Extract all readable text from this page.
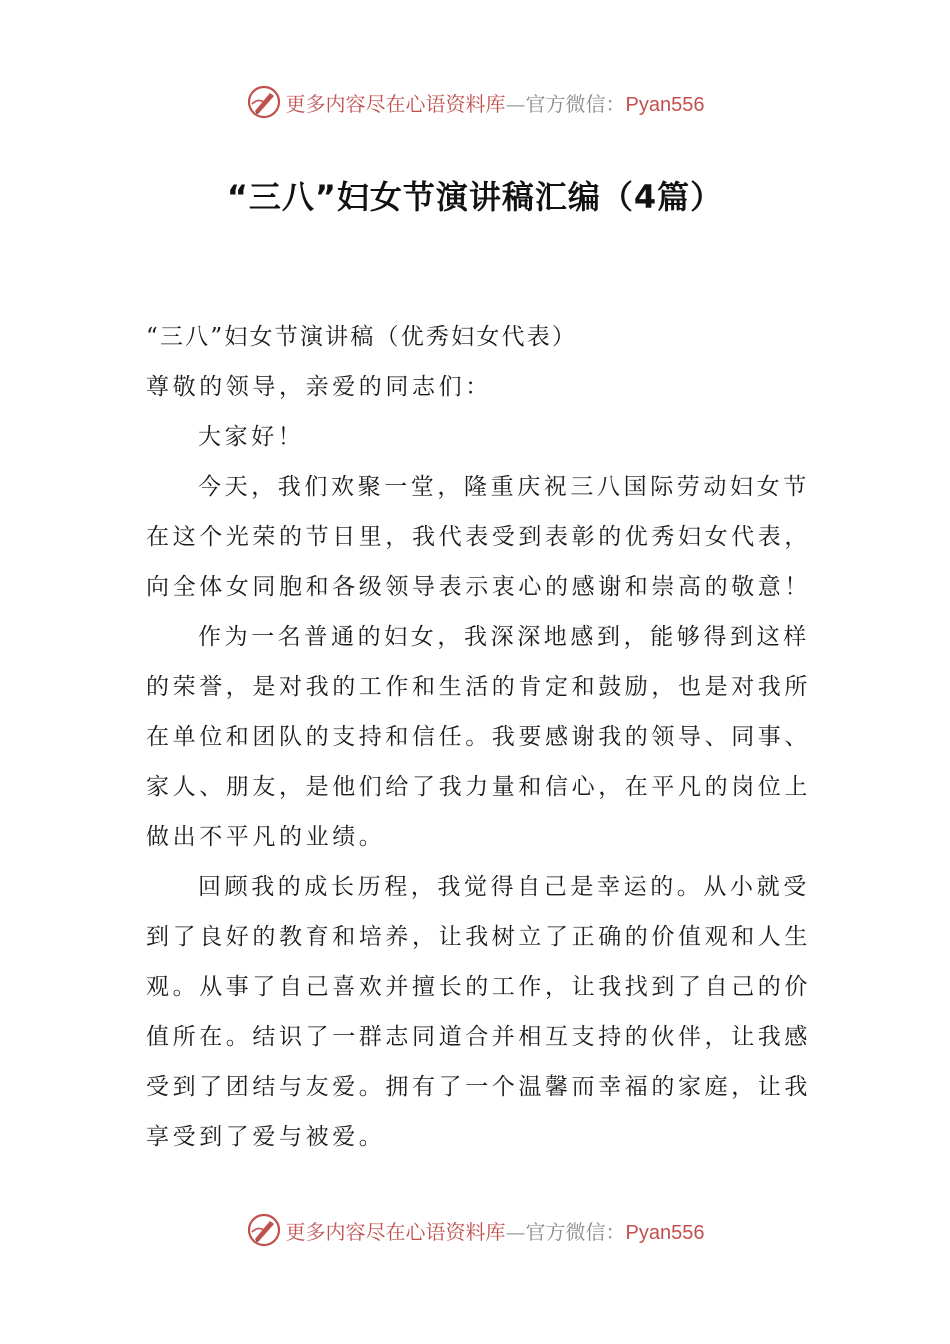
更多内容尽在心语资料库—官方微信：Pyan556
“三八”妇女节演讲稿汇编（4篇）
“三八”妇女节演讲稿（优秀妇女代表）
尊敬的领导，亲爱的同志们：
大家好！
今天，我们欢聚一堂，隆重庆祝三八国际劳动妇女节
在这个光荣的节日里，我代表受到表彰的优秀妇女代表，
向全体女同胞和各级领导表示衷心的感谢和崇高的敬意！
作为一名普通的妇女，我深深地感到，能够得到这样
的荣誉，是对我的工作和生活的肯定和鼓励，也是对我所
在单位和团队的支持和信任。我要感谢我的领导、同事、
家人、朋友，是他们给了我力量和信心，在平凡的岗位上
做出不平凡的业绩。
回顾我的成长历程，我觉得自己是幸运的。从小就受
到了良好的教育和培养，让我树立了正确的价值观和人生
观。从事了自己喜欢并擅长的工作，让我找到了自己的价
值所在。结识了一群志同道合并相互支持的伙伴，让我感
受到了团结与友爱。拥有了一个温馨而幸福的家庭，让我
享受到了爱与被爱。
更多内容尽在心语资料库—官方微信：Pyan556
